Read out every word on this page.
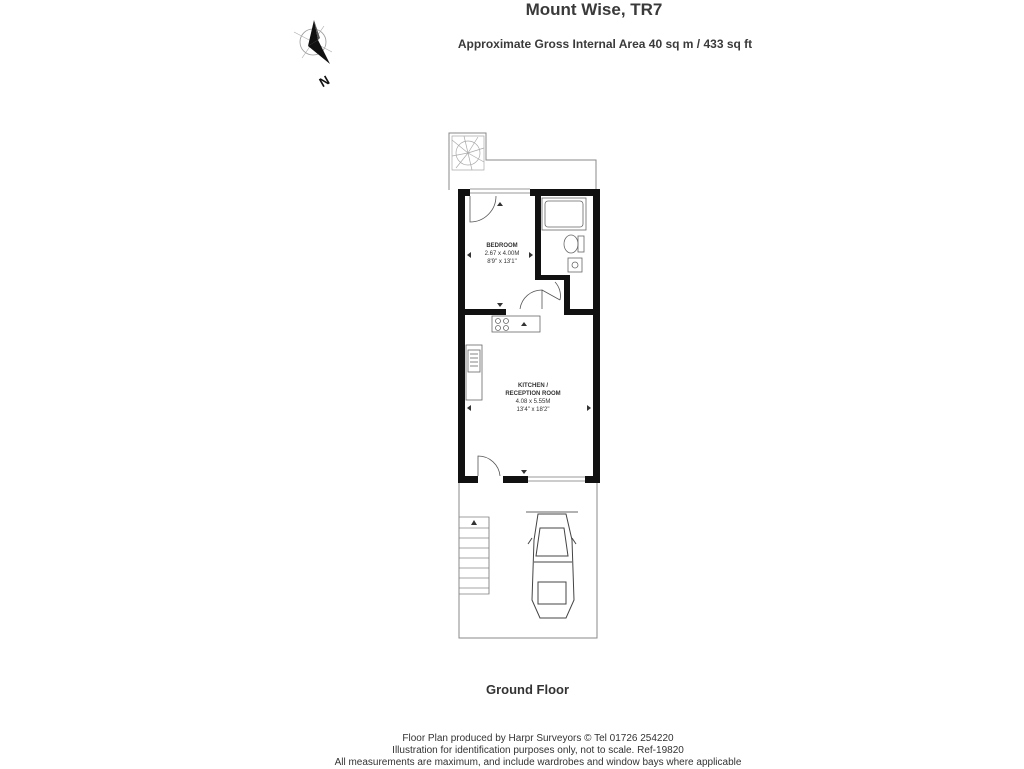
Mount Wise, TR7
Approximate Gross Internal Area 40 sq m / 433 sq ft
N
BEDROOM
2.67 x 4.00M
8'9" x 13'1"
KITCHEN /
RECEPTION ROOM
4.08 x 5.55M
13'4" x 18'2"
Ground Floor
Floor Plan produced by Harpr Surveyors © Tel 01726 254220
Illustration for identification purposes only, not to scale. Ref-19820
All measurements are maximum, and include wardrobes and window bays where applicable
